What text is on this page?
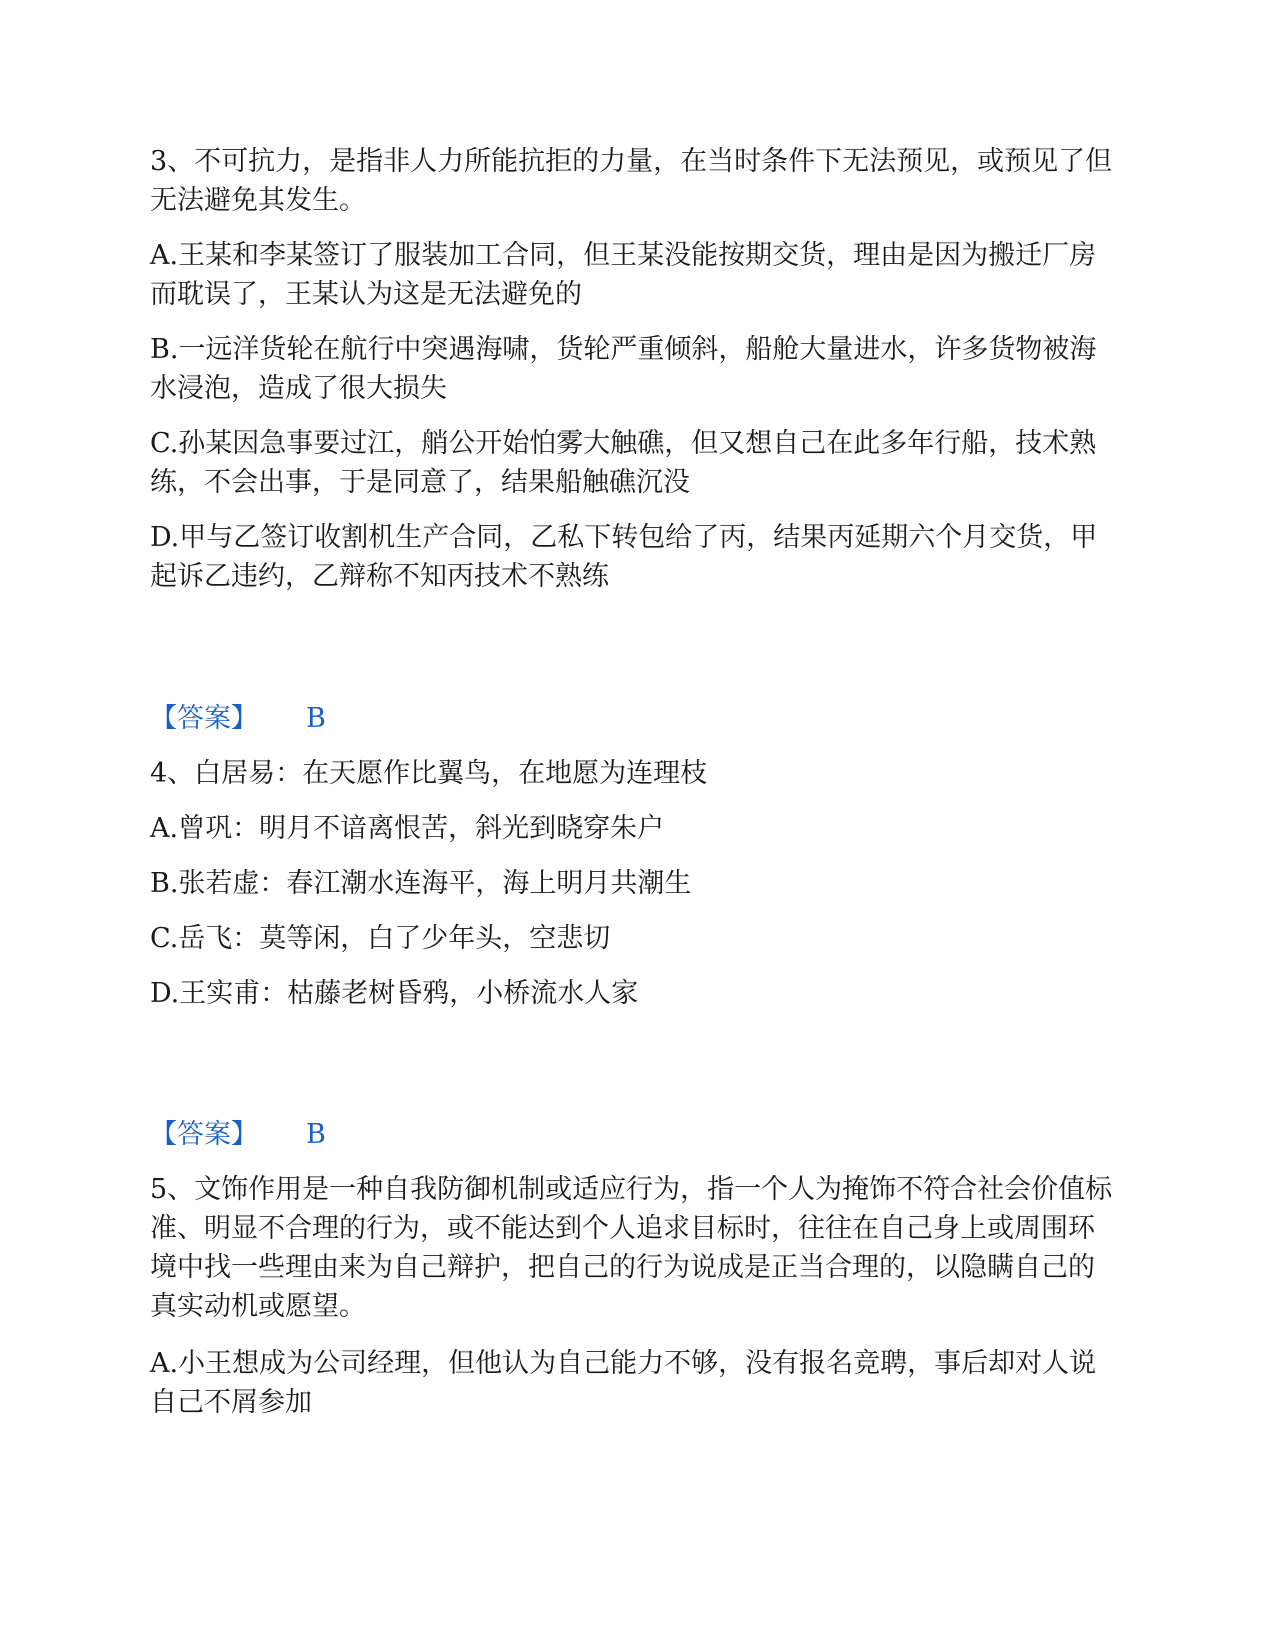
3、不可抗力，是指非人力所能抗拒的力量，在当时条件下无法预见，或预见了但无法避免其发生。

A.王某和李某签订了服装加工合同，但王某没能按期交货，理由是因为搬迁厂房而耽误了，王某认为这是无法避免的

B.一远洋货轮在航行中突遇海啸，货轮严重倾斜，船舱大量进水，许多货物被海水浸泡，造成了很大损失

C.孙某因急事要过江，艄公开始怕雾大触礁，但又想自己在此多年行船，技术熟练，不会出事，于是同意了，结果船触礁沉没

D.甲与乙签订收割机生产合同，乙私下转包给了丙，结果丙延期六个月交货，甲起诉乙违约，乙辩称不知丙技术不熟练

【答案】 B

4、白居易：在天愿作比翼鸟，在地愿为连理枝

A.曾巩：明月不谙离恨苦，斜光到晓穿朱户

B.张若虚：春江潮水连海平，海上明月共潮生

C.岳飞：莫等闲，白了少年头，空悲切

D.王实甫：枯藤老树昏鸦，小桥流水人家

【答案】 B

5、文饰作用是一种自我防御机制或适应行为，指一个人为掩饰不符合社会价值标准、明显不合理的行为，或不能达到个人追求目标时，往往在自己身上或周围环境中找一些理由来为自己辩护，把自己的行为说成是正当合理的，以隐瞒自己的真实动机或愿望。

A.小王想成为公司经理，但他认为自己能力不够，没有报名竞聘，事后却对人说自己不屑参加
